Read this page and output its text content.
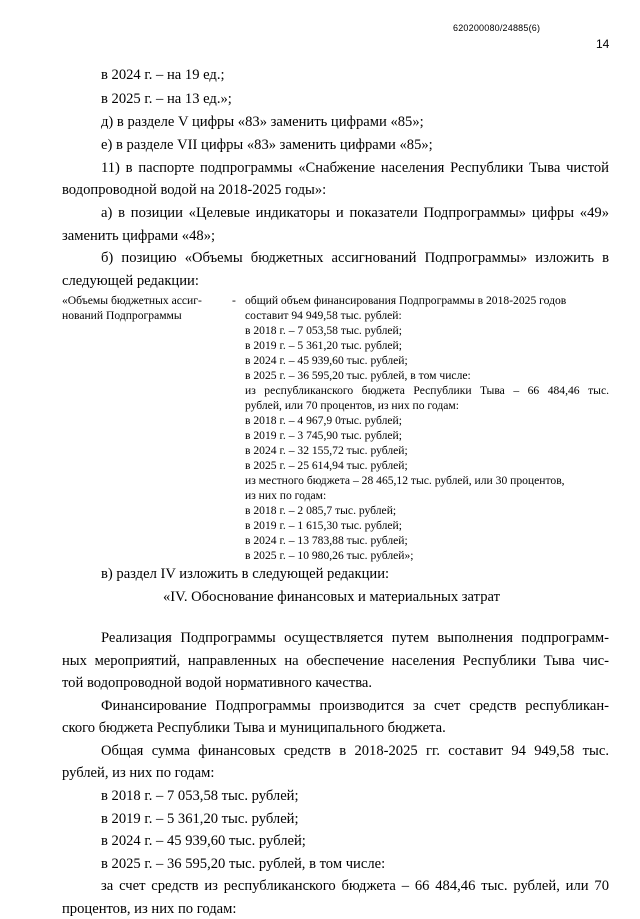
620200080/24885(6)
14
в 2024 г. – на 19 ед.;
в 2025 г. – на 13 ед.»;
д) в разделе V цифры «83» заменить цифрами «85»;
е) в разделе VII цифры «83» заменить цифрами «85»;
11) в паспорте подпрограммы «Снабжение населения Республики Тыва чистой
водопроводной водой на 2018-2025 годы»:
а) в позиции «Целевые индикаторы и показатели Подпрограммы» цифры «49»
заменить цифрами «48»;
б) позицию «Объемы бюджетных ассигнований Подпрограммы» изложить в
следующей редакции:
«Объемы бюджетных ассиг-
нований Подпрограммы
- общий объем финансирования Подпрограммы в 2018-2025 годов
составит 94 949,58 тыс. рублей:
в 2018 г. – 7 053,58 тыс. рублей;
в 2019 г. – 5 361,20 тыс. рублей;
в 2024 г. – 45 939,60 тыс. рублей;
в 2025 г. – 36 595,20 тыс. рублей, в том числе:
из республиканского бюджета Республики Тыва – 66 484,46 тыс.
рублей, или 70 процентов, из них по годам:
в 2018 г. – 4 967,9 0тыс. рублей;
в 2019 г. – 3 745,90 тыс. рублей;
в 2024 г. – 32 155,72 тыс. рублей;
в 2025 г. – 25 614,94 тыс. рублей;
из местного бюджета – 28 465,12 тыс. рублей, или 30 процентов,
из них по годам:
в 2018 г. – 2 085,7 тыс. рублей;
в 2019 г. – 1 615,30 тыс. рублей;
в 2024 г. – 13 783,88 тыс. рублей;
в 2025 г. – 10 980,26 тыс. рублей»;
в) раздел IV изложить в следующей редакции:
«IV. Обоснование финансовых и материальных затрат
Реализация Подпрограммы осуществляется путем выполнения подпрограмм-
ных мероприятий, направленных на обеспечение населения Республики Тыва чис-
той водопроводной водой нормативного качества.
Финансирование Подпрограммы производится за счет средств республикан-
ского бюджета Республики Тыва и муниципального бюджета.
Общая сумма финансовых средств в 2018-2025 гг. составит 94 949,58 тыс.
рублей, из них по годам:
в 2018 г. – 7 053,58 тыс. рублей;
в 2019 г. – 5 361,20 тыс. рублей;
в 2024 г. – 45 939,60 тыс. рублей;
в 2025 г. – 36 595,20 тыс. рублей, в том числе:
за счет средств из республиканского бюджета – 66 484,46 тыс. рублей, или 70
процентов, из них по годам:
